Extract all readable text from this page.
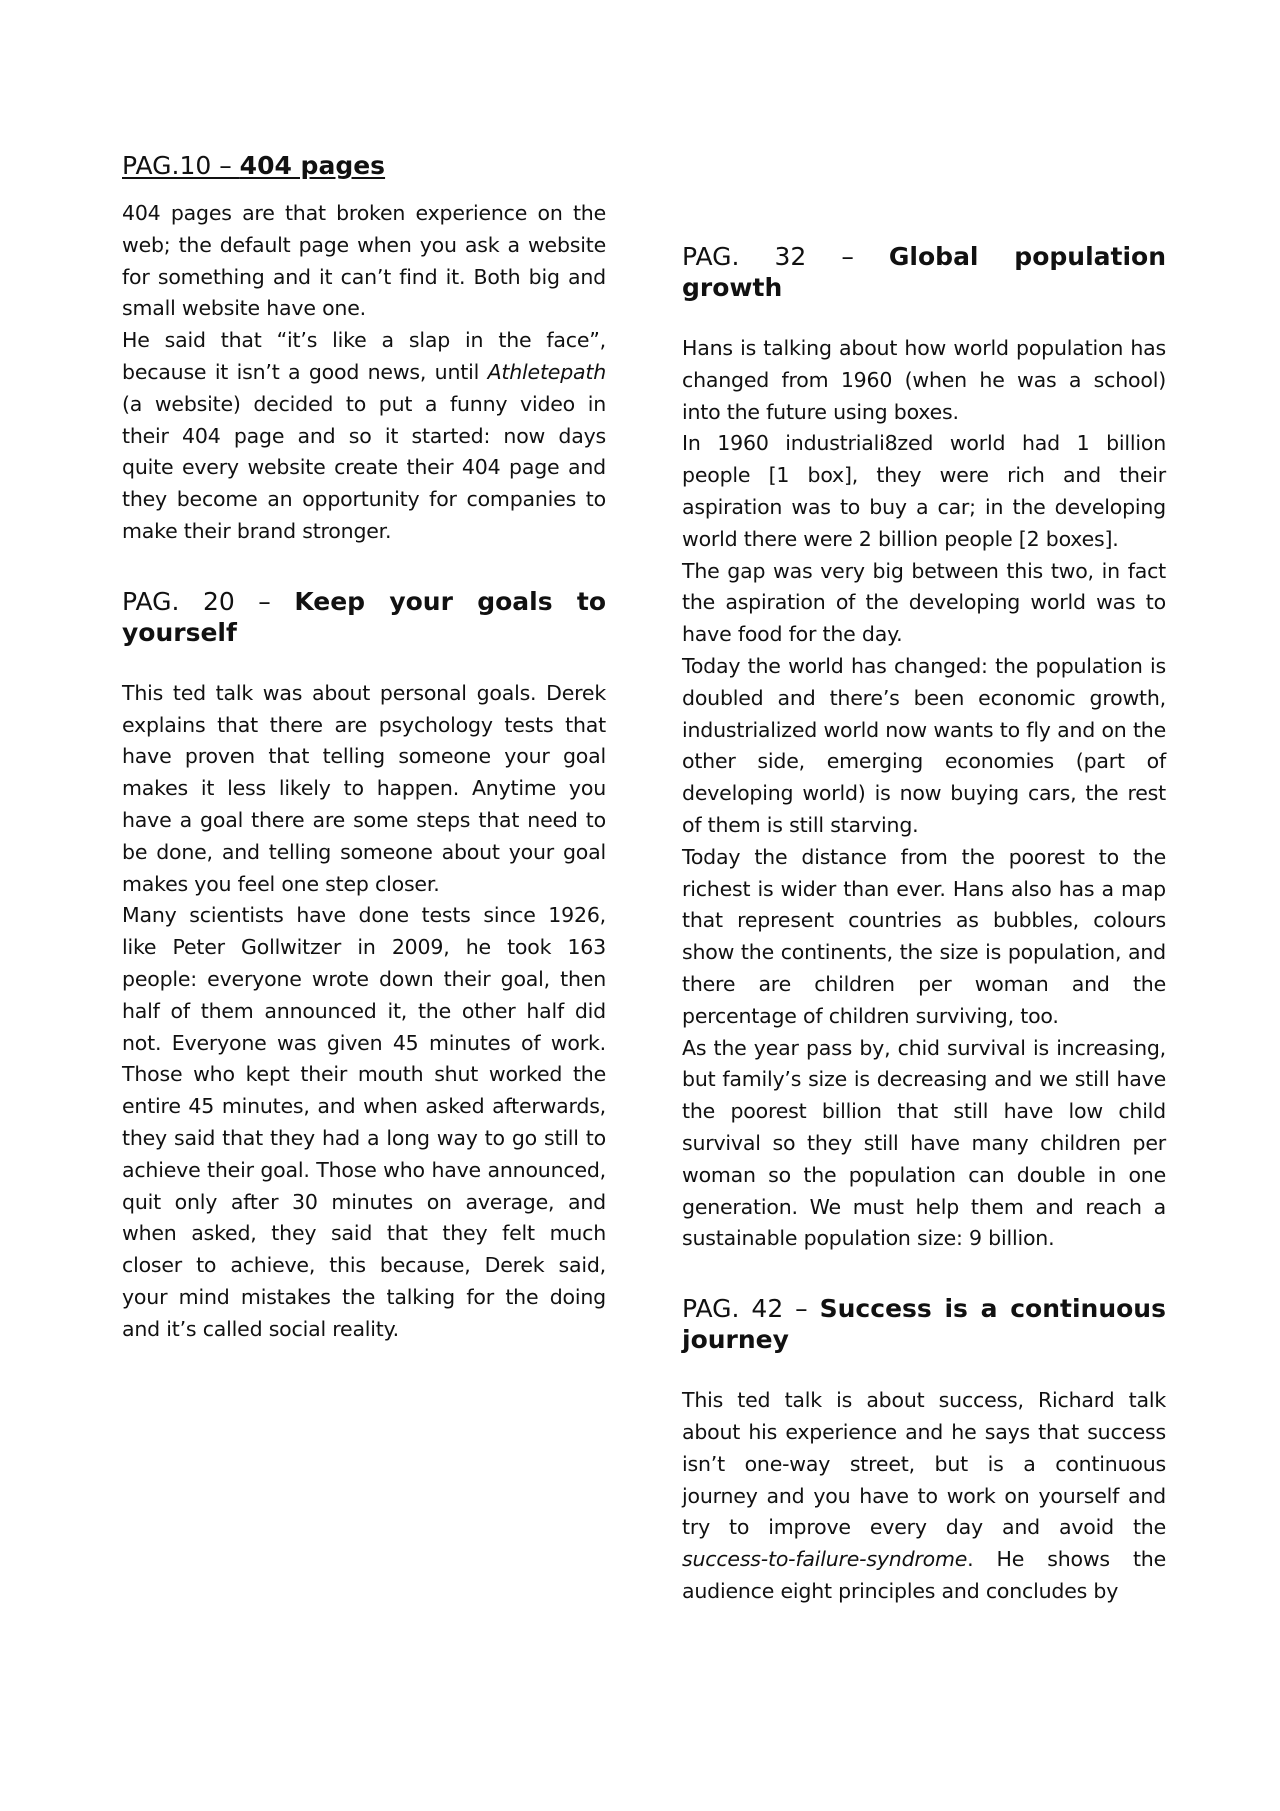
PAG.10 – 404 pages

404 pages are that broken experience on the web; the default page when you ask a website for something and it can’t find it. Both big and small website have one.

He said that “it’s like a slap in the face”, because it isn’t a good news, until Athletepath (a website) decided to put a funny video in their 404 page and so it started: now days quite every website create their 404 page and they become an opportunity for companies to make their brand stronger.

PAG. 20 – Keep your goals to yourself

This ted talk was about personal goals. Derek explains that there are psychology tests that have proven that telling someone your goal makes it less likely to happen. Anytime you have a goal there are some steps that need to be done, and telling someone about your goal makes you feel one step closer.

Many scientists have done tests since 1926, like Peter Gollwitzer in 2009, he took 163 people: everyone wrote down their goal, then half of them announced it, the other half did not. Everyone was given 45 minutes of work. Those who kept their mouth shut worked the entire 45 minutes, and when asked afterwards, they said that they had a long way to go still to achieve their goal. Those who have announced, quit only after 30 minutes on average, and when asked, they said that they felt much closer to achieve, this because, Derek said, your mind mistakes the talking for the doing and it’s called social reality.

PAG. 32 – Global population growth

Hans is talking about how world population has changed from 1960 (when he was a school) into the future using boxes.

In 1960 industriali8zed world had 1 billion people [1 box], they were rich and their aspiration was to buy a car; in the developing world there were 2 billion people [2 boxes].

The gap was very big between this two, in fact the aspiration of the developing world was to have food for the day.

Today the world has changed: the population is doubled and there’s been economic growth, industrialized world now wants to fly and on the other side, emerging economies (part of developing world) is now buying cars, the rest of them is still starving.

Today the distance from the poorest to the richest is wider than ever. Hans also has a map that represent countries as bubbles, colours show the continents, the size is population, and there are children per woman and the percentage of children surviving, too.

As the year pass by, chid survival is increasing, but family’s size is decreasing and we still have the poorest billion that still have low child survival so they still have many children per woman so the population can double in one generation. We must help them and reach a sustainable population size: 9 billion.

PAG. 42 – Success is a continuous journey

This ted talk is about success, Richard talk about his experience and he says that success isn’t one-way street, but is a continuous journey and you have to work on yourself and try to improve every day and avoid the success-to-failure-syndrome. He shows the audience eight principles and concludes by
